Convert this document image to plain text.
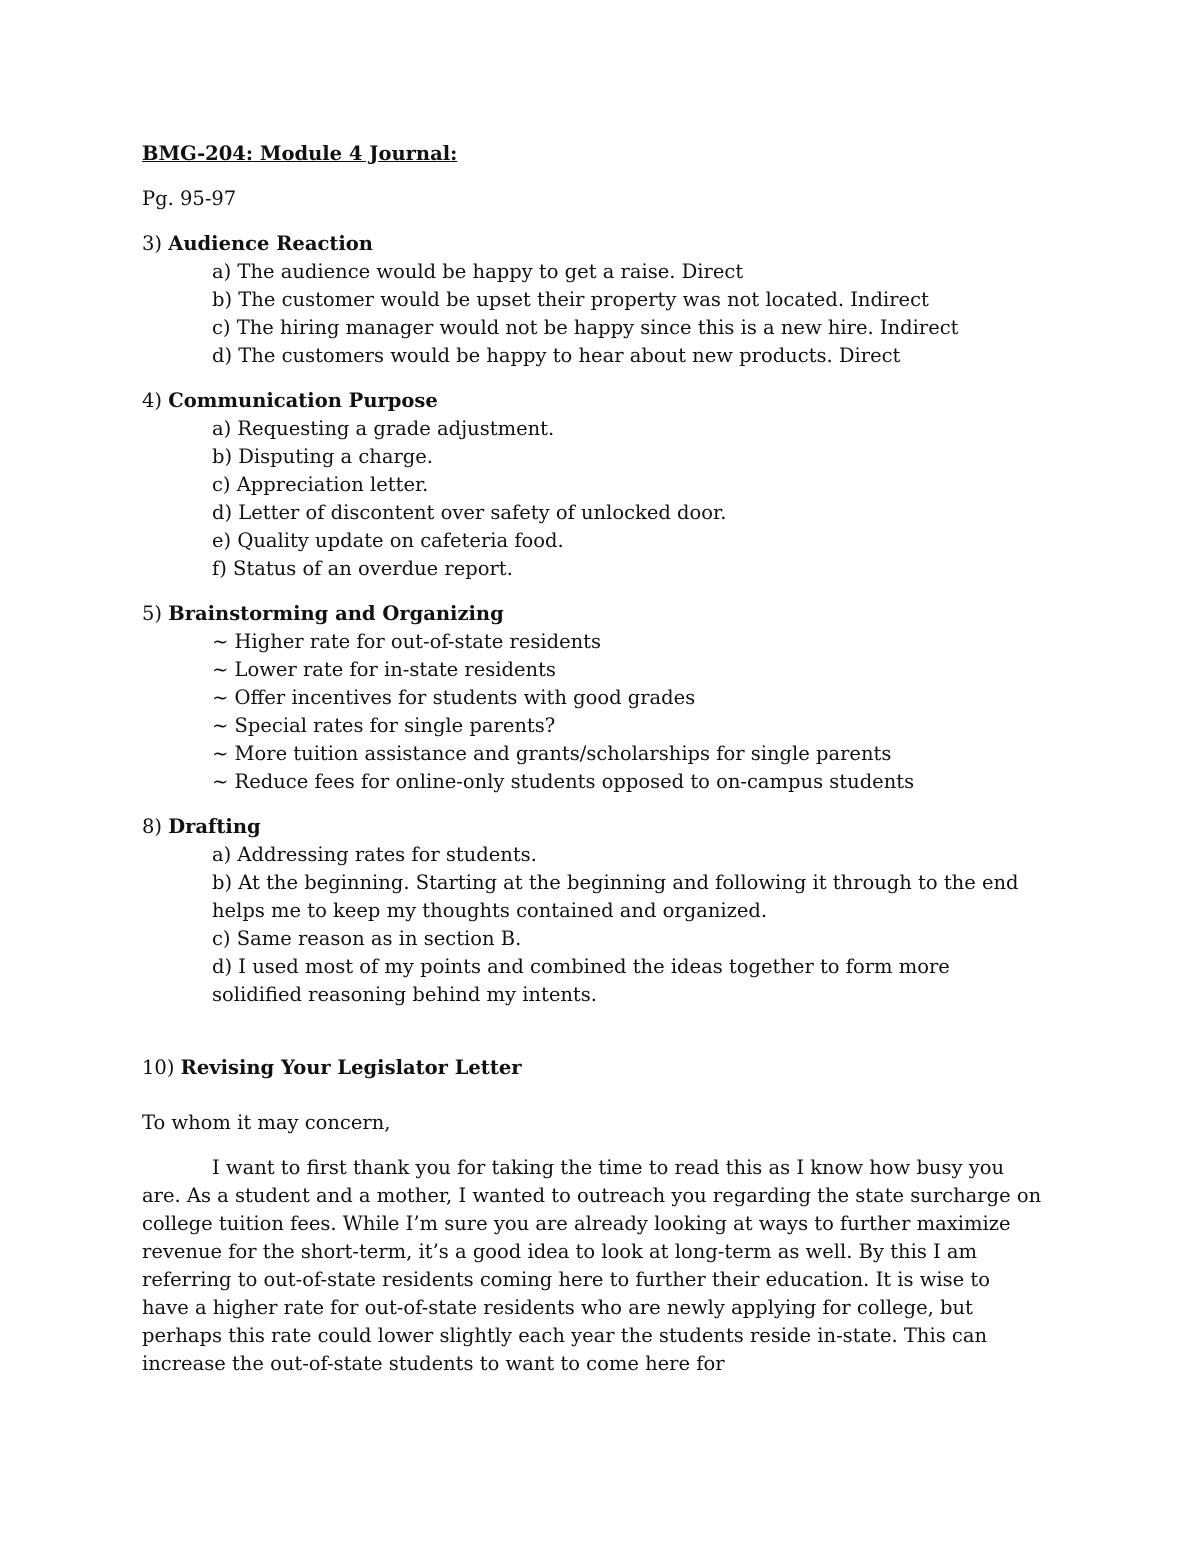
BMG-204: Module 4 Journal:

Pg. 95-97

3) Audience Reaction

a) The audience would be happy to get a raise. Direct
b) The customer would be upset their property was not located. Indirect
c) The hiring manager would not be happy since this is a new hire. Indirect
d) The customers would be happy to hear about new products. Direct

4) Communication Purpose

a) Requesting a grade adjustment.
b) Disputing a charge.
c) Appreciation letter.
d) Letter of discontent over safety of unlocked door.
e) Quality update on cafeteria food.
f) Status of an overdue report.

5) Brainstorming and Organizing

~ Higher rate for out-of-state residents
~ Lower rate for in-state residents
~ Offer incentives for students with good grades
~ Special rates for single parents?
~ More tuition assistance and grants/scholarships for single parents
~ Reduce fees for online-only students opposed to on-campus students

8) Drafting

a) Addressing rates for students.
b) At the beginning. Starting at the beginning and following it through to the end helps me to keep my thoughts contained and organized.
c) Same reason as in section B.
d) I used most of my points and combined the ideas together to form more solidified reasoning behind my intents.

10) Revising Your Legislator Letter

To whom it may concern,

I want to first thank you for taking the time to read this as I know how busy you are. As a student and a mother, I wanted to outreach you regarding the state surcharge on college tuition fees. While I’m sure you are already looking at ways to further maximize revenue for the short-term, it’s a good idea to look at long-term as well. By this I am referring to out-of-state residents coming here to further their education. It is wise to have a higher rate for out-of-state residents who are newly applying for college, but perhaps this rate could lower slightly each year the students reside in-state. This can increase the out-of-state students to want to come here for
